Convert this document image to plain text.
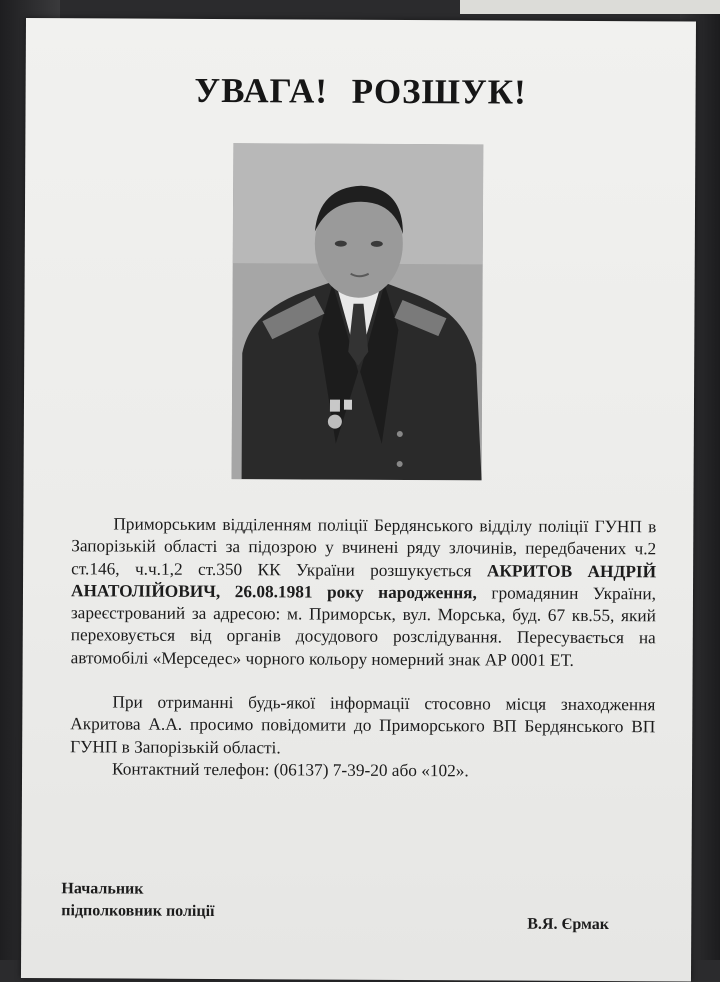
УВАГА! РОЗШУК!

Приморським відділенням поліції Бердянського відділу поліції ГУНП в Запорізькій області за підозрою у вчинені ряду злочинів, передбачених ч.2 ст.146, ч.ч.1,2 ст.350 КК України розшукується АКРИТОВ АНДРІЙ АНАТОЛІЙОВИЧ, 26.08.1981 року народження, громадянин України, зареєстрований за адресою: м. Приморськ, вул. Морська, буд. 67 кв.55, який переховується від органів досудового розслідування. Пересувається на автомобілі «Мерседес» чорного кольору номерний знак АР 0001 ЕТ.

При отриманні будь-якої інформації стосовно місця знаходження Акритова А.А. просимо повідомити до Приморського ВП Бердянського ВП ГУНП в Запорізькій області.

Контактний телефон: (06137) 7-39-20 або «102».

Начальник
підполковник поліції
В.Я. Єрмак
